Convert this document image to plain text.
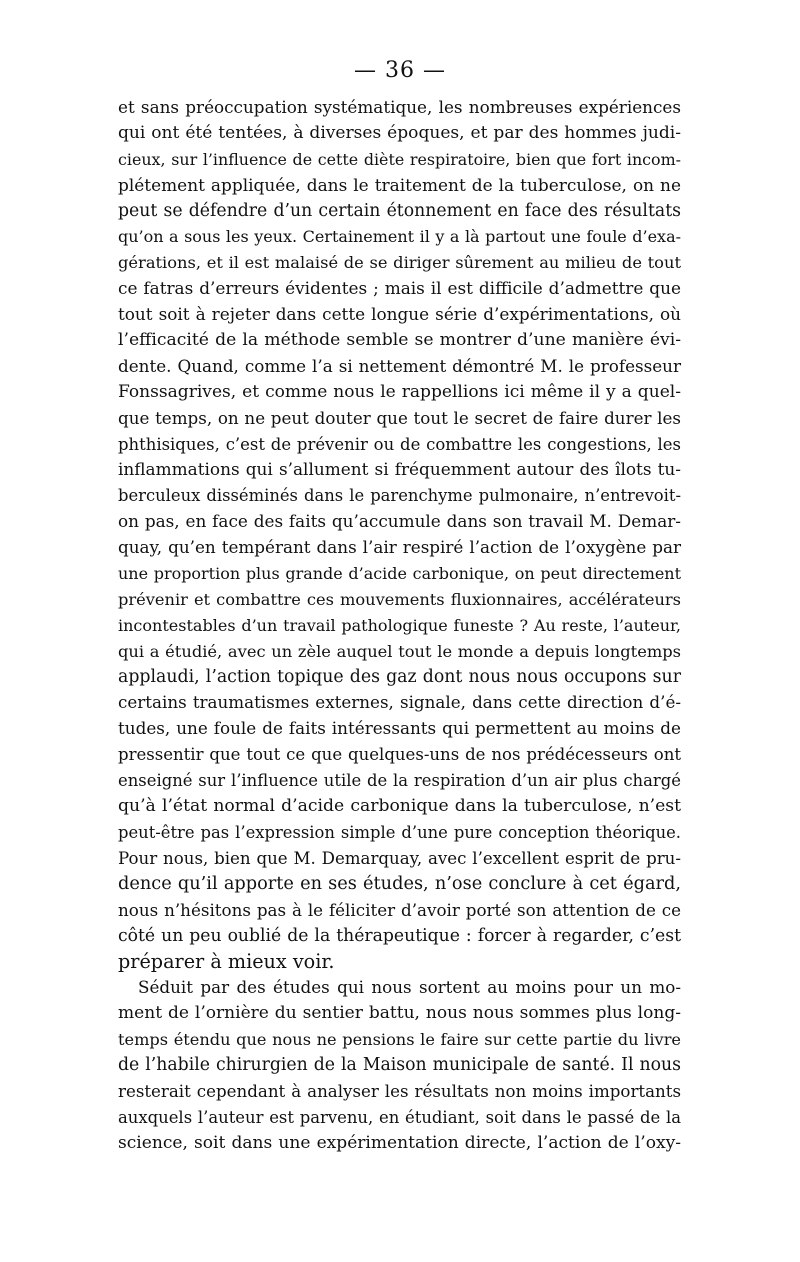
— 36 —
et sans préoccupation systématique, les nombreuses expériences
qui ont été tentées, à diverses époques, et par des hommes judi-
cieux, sur l’influence de cette diète respiratoire, bien que fort incom-
plétement appliquée, dans le traitement de la tuberculose, on ne
peut se défendre d’un certain étonnement en face des résultats
qu’on a sous les yeux. Certainement il y a là partout une foule d’exa-
gérations, et il est malaisé de se diriger sûrement au milieu de tout
ce fatras d’erreurs évidentes ; mais il est difficile d’admettre que
tout soit à rejeter dans cette longue série d’expérimentations, où
l’efficacité de la méthode semble se montrer d’une manière évi-
dente. Quand, comme l’a si nettement démontré M. le professeur
Fonssagrives, et comme nous le rappellions ici même il y a quel-
que temps, on ne peut douter que tout le secret de faire durer les
phthisiques, c’est de prévenir ou de combattre les congestions, les
inflammations qui s’allument si fréquemment autour des îlots tu-
berculeux disséminés dans le parenchyme pulmonaire, n’entrevoit-
on pas, en face des faits qu’accumule dans son travail M. Demar-
quay, qu’en tempérant dans l’air respiré l’action de l’oxygène par
une proportion plus grande d’acide carbonique, on peut directement
prévenir et combattre ces mouvements fluxionnaires, accélérateurs
incontestables d’un travail pathologique funeste ? Au reste, l’auteur,
qui a étudié, avec un zèle auquel tout le monde a depuis longtemps
applaudi, l’action topique des gaz dont nous nous occupons sur
certains traumatismes externes, signale, dans cette direction d’é-
tudes, une foule de faits intéressants qui permettent au moins de
pressentir que tout ce que quelques-uns de nos prédécesseurs ont
enseigné sur l’influence utile de la respiration d’un air plus chargé
qu’à l’état normal d’acide carbonique dans la tuberculose, n’est
peut-être pas l’expression simple d’une pure conception théorique.
Pour nous, bien que M. Demarquay, avec l’excellent esprit de pru-
dence qu’il apporte en ses études, n’ose conclure à cet égard,
nous n’hésitons pas à le féliciter d’avoir porté son attention de ce
côté un peu oublié de la thérapeutique : forcer à regarder, c’est
préparer à mieux voir.
Séduit par des études qui nous sortent au moins pour un mo-
ment de l’ornière du sentier battu, nous nous sommes plus long-
temps étendu que nous ne pensions le faire sur cette partie du livre
de l’habile chirurgien de la Maison municipale de santé. Il nous
resterait cependant à analyser les résultats non moins importants
auxquels l’auteur est parvenu, en étudiant, soit dans le passé de la
science, soit dans une expérimentation directe, l’action de l’oxy-
